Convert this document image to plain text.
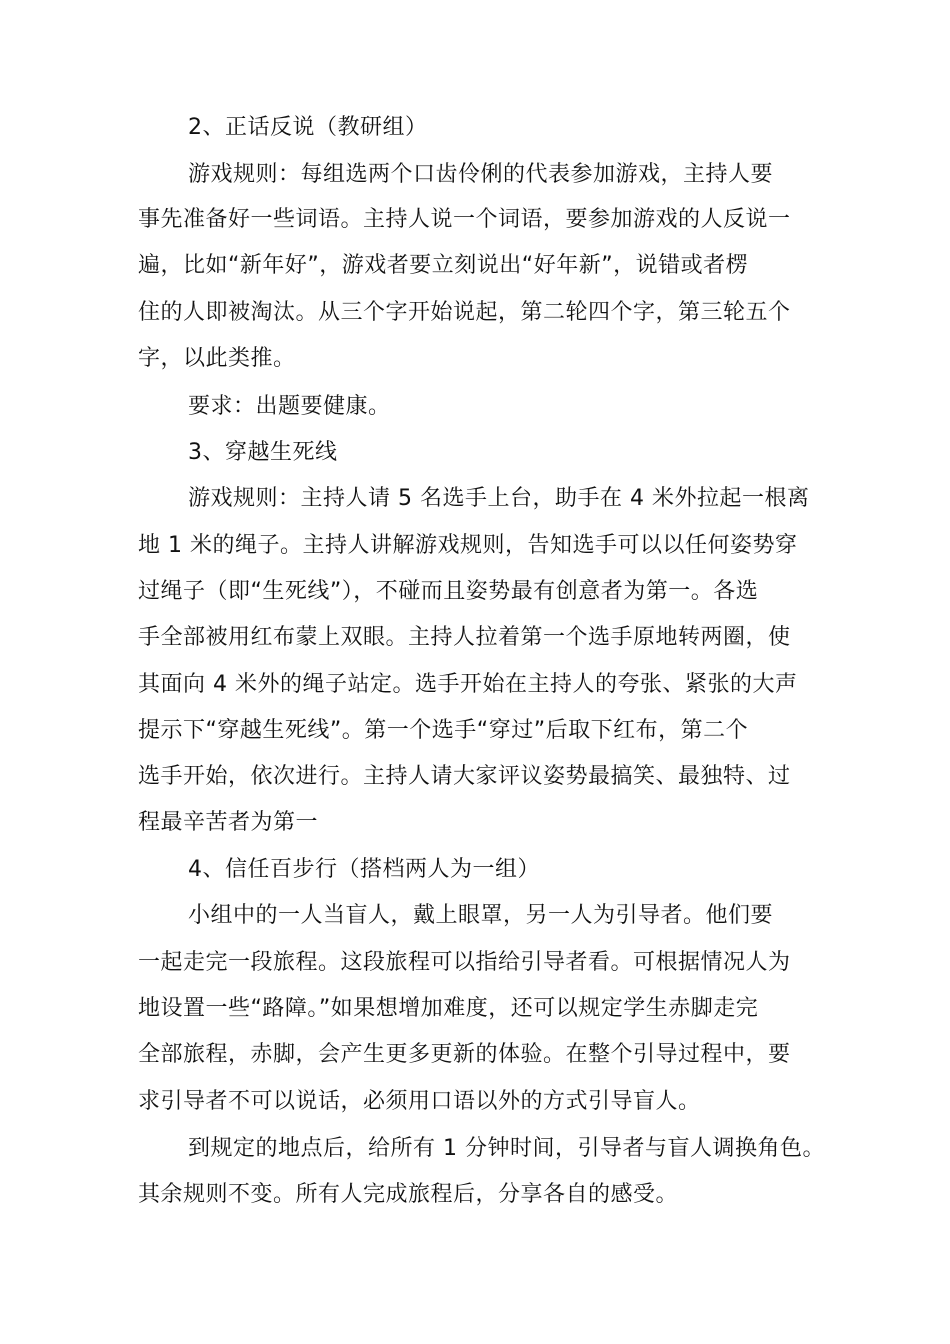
2、正话反说（教研组）
游戏规则：每组选两个口齿伶俐的代表参加游戏，主持人要
事先准备好一些词语。主持人说一个词语，要参加游戏的人反说一
遍，比如“新年好”，游戏者要立刻说出“好年新”，说错或者楞
住的人即被淘汰。从三个字开始说起，第二轮四个字，第三轮五个
字，以此类推。
要求：出题要健康。
3、穿越生死线
游戏规则：主持人请 5 名选手上台，助手在 4 米外拉起一根离
地 1 米的绳子。主持人讲解游戏规则，告知选手可以以任何姿势穿
过绳子（即“生死线”），不碰而且姿势最有创意者为第一。各选
手全部被用红布蒙上双眼。主持人拉着第一个选手原地转两圈，使
其面向 4 米外的绳子站定。选手开始在主持人的夸张、紧张的大声
提示下“穿越生死线”。第一个选手“穿过”后取下红布，第二个
选手开始，依次进行。主持人请大家评议姿势最搞笑、最独特、过
程最辛苦者为第一
4、信任百步行（搭档两人为一组）
小组中的一人当盲人，戴上眼罩，另一人为引导者。他们要
一起走完一段旅程。这段旅程可以指给引导者看。可根据情况人为
地设置一些“路障。”如果想增加难度，还可以规定学生赤脚走完
全部旅程，赤脚，会产生更多更新的体验。在整个引导过程中，要
求引导者不可以说话，必须用口语以外的方式引导盲人。
到规定的地点后，给所有 1 分钟时间，引导者与盲人调换角色。
其余规则不变。所有人完成旅程后，分享各自的感受。
